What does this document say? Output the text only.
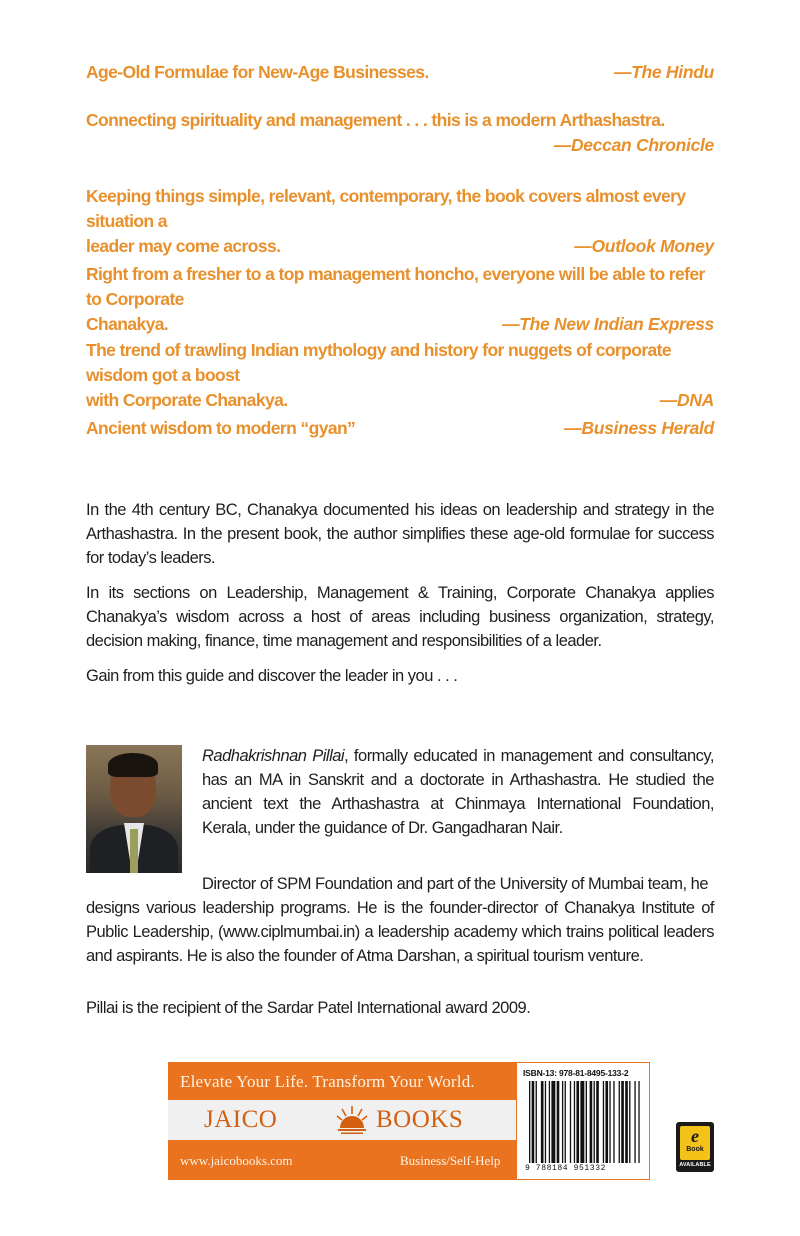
Age-Old Formulae for New-Age Businesses.	—The Hindu
Connecting spirituality and management . . . this is a modern Arthashastra.
—Deccan Chronicle
Keeping things simple, relevant, contemporary, the book covers almost every situation a
leader may come across.	—Outlook Money
Right from a fresher to a top management honcho, everyone will be able to refer to Corporate
Chanakya.	—The New Indian Express
The trend of trawling Indian mythology and history for nuggets of corporate wisdom got a boost
with Corporate Chanakya.	—DNA
Ancient wisdom to modern “gyan”	—Business Herald

In the 4th century BC, Chanakya documented his ideas on leadership and strategy in the Arthashastra. In the present book, the author simplifies these age-old formulae for success for today’s leaders.

In its sections on Leadership, Management & Training, Corporate Chanakya applies Chanakya’s wisdom across a host of areas including business organization, strategy, decision making, finance, time management and responsibilities of a leader.

Gain from this guide and discover the leader in you . . .

Radhakrishnan Pillai, formally educated in management and consultancy, has an MA in Sanskrit and a doctorate in Arthashastra. He studied the ancient text the Arthashastra at Chinmaya International Foundation, Kerala, under the guidance of Dr. Gangadharan Nair.

Director of SPM Foundation and part of the University of Mumbai team, he
designs various leadership programs. He is the founder-director of Chanakya Institute of Public Leadership, (www.ciplmumbai.in) a leadership academy which trains political leaders and aspirants. He is also the founder of Atma Darshan, a spiritual tourism venture.
Pillai is the recipient of the Sardar Patel International award 2009.
Elevate Your Life. Transform Your World.
JAICO	BOOKS
www.jaicobooks.com	Business/Self-Help
ISBN-13: 978-81-8495-133-2
9 788184 951332
e
Book
AVAILABLE
